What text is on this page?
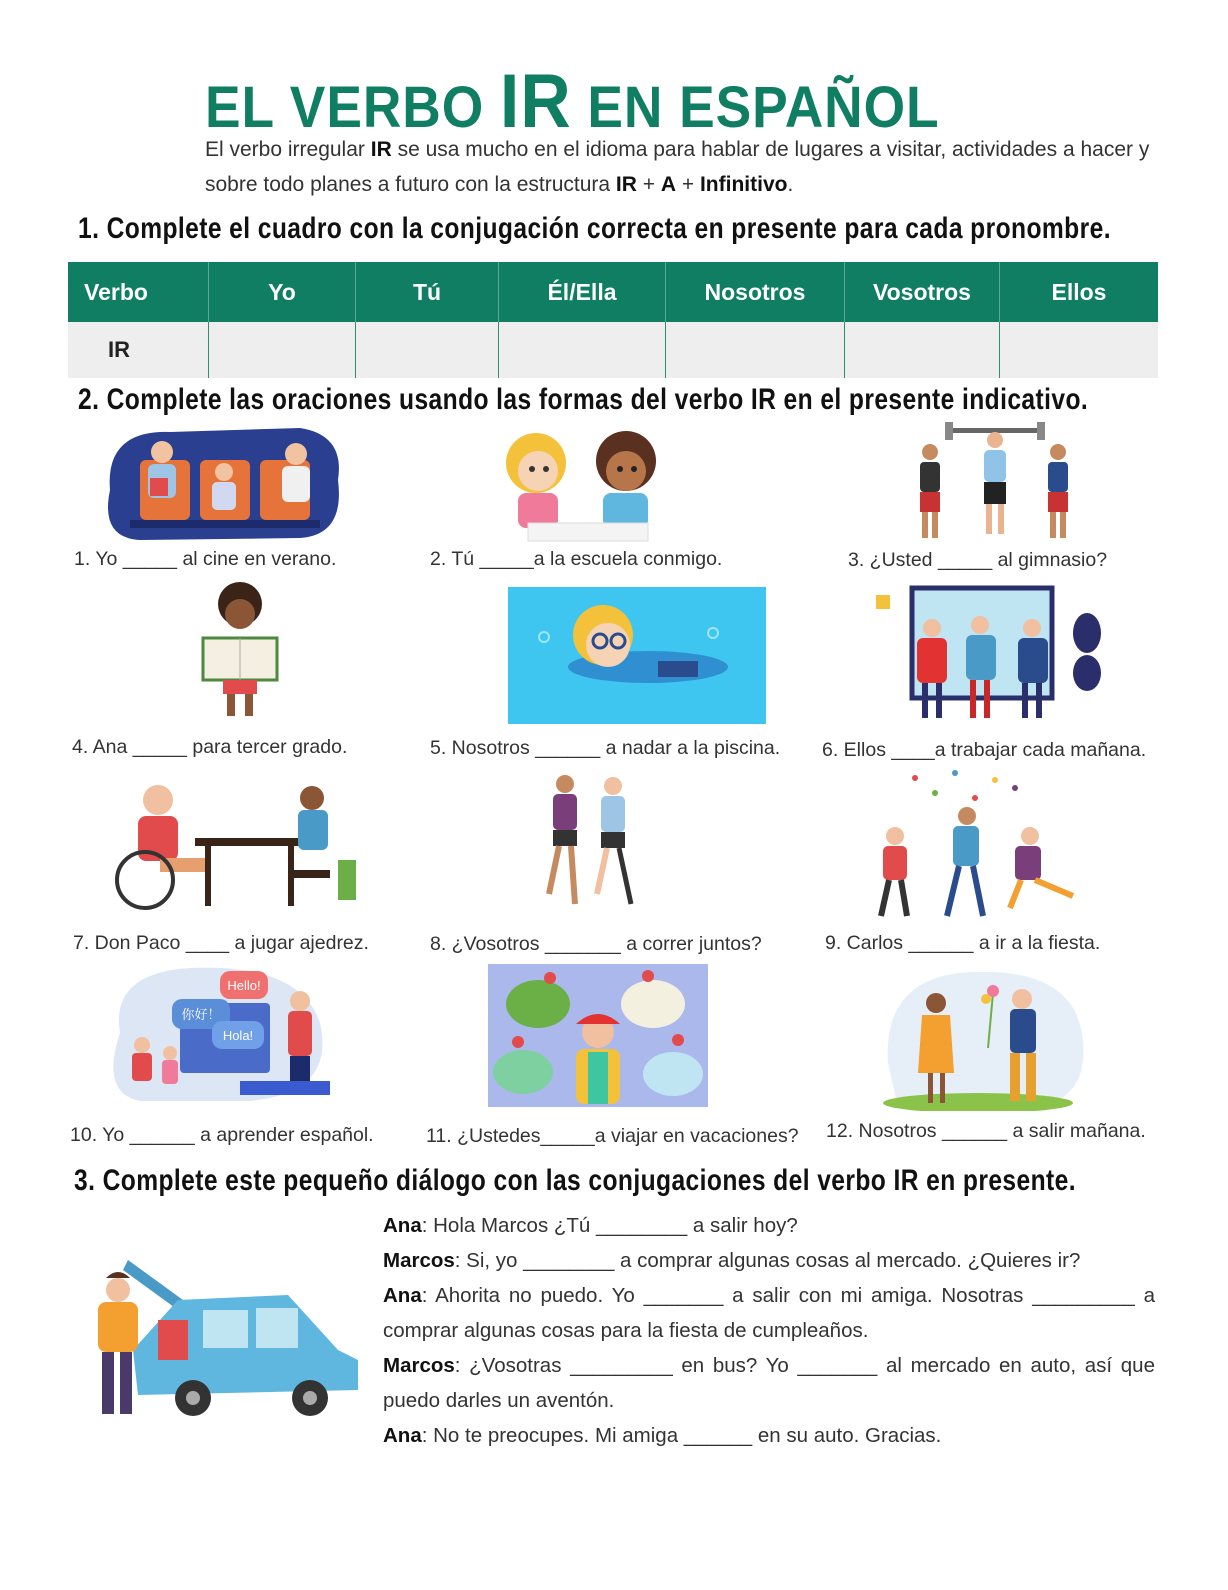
EL VERBO IR EN ESPAÑOL
El verbo irregular IR se usa mucho en el idioma para hablar de lugares a visitar, actividades a hacer y sobre todo planes a futuro con la estructura IR + A + Infinitivo.
1. Complete el cuadro con la conjugación correcta en presente para cada pronombre.
Verbo	Yo	Tú	Él/Ella	Nosotros	Vosotros	Ellos
IR						
2. Complete las oraciones usando las formas del verbo IR en el presente indicativo.
1. Yo _____ al cine en verano.	2. Tú _____a la escuela conmigo.	3. ¿Usted _____ al gimnasio?
4. Ana _____ para tercer grado.	5. Nosotros ______ a nadar a la piscina. 6. Ellos ____a trabajar cada mañana.
7. Don Paco ____ a jugar ajedrez.	8. ¿Vosotros _______ a correr juntos?	9. Carlos ______ a ir a la fiesta.
Hello!
你好！
Hola!
10. Yo ______ a aprender español.	11. ¿Ustedes_____a viajar en vacaciones? 12. Nosotros ______ a salir mañana.
3. Complete este pequeño diálogo con las conjugaciones del verbo IR en presente.

Ana: Hola Marcos ¿Tú ________ a salir hoy?

Marcos: Si, yo ________ a comprar algunas cosas al mercado. ¿Quieres ir?

Ana: Ahorita no puedo. Yo _______ a salir con mi amiga. Nosotras _________ a comprar algunas cosas para la fiesta de cumpleaños.

Marcos: ¿Vosotras _________ en bus? Yo _______ al mercado en auto, así que puedo darles un aventón.

Ana: No te preocupes. Mi amiga ______ en su auto. Gracias.
